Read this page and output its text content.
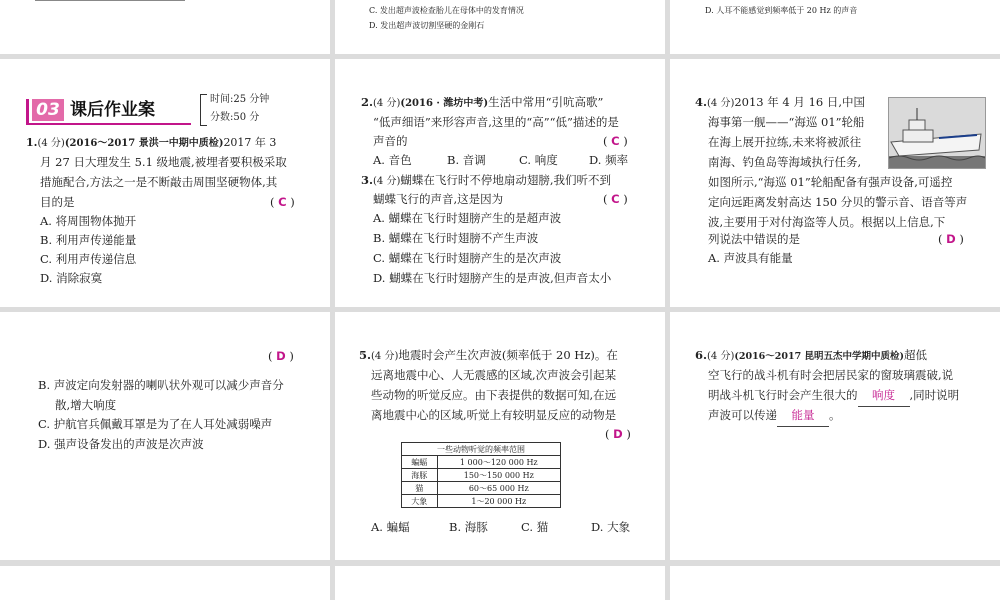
C. 发出超声波检查胎儿在母体中的发育情况
D. 发出超声波切割坚硬的金刚石
D. 人耳不能感觉到频率低于 20 Hz 的声音
03 课后作业案
时间:25 分钟
分数:50 分
1.(4 分)(2016～2017 景洪一中期中质检)2017 年 3
月 27 日大理发生 5.1 级地震,被埋者要积极采取
措施配合,方法之一是不断敲击周围坚硬物体,其
目的是	( C )
A. 将周围物体抛开
B. 利用声传递能量
C. 利用声传递信息
D. 消除寂寞
2.(4 分)(2016 · 潍坊中考)生活中常用“引吭高歌”
“低声细语”来形容声音,这里的“高”“低”描述的是
声音的	( C )
A. 音色	B. 音调	C. 响度	D. 频率
3.(4 分)蝴蝶在飞行时不停地扇动翅膀,我们听不到
蝴蝶飞行的声音,这是因为	( C )
A. 蝴蝶在飞行时翅膀产生的是超声波
B. 蝴蝶在飞行时翅膀不产生声波
C. 蝴蝶在飞行时翅膀产生的是次声波
D. 蝴蝶在飞行时翅膀产生的是声波,但声音太小
4.(4 分)2013 年 4 月 16 日,中国
海事第一舰——“海巡 01”轮船
在海上展开拉练,未来将被派往
南海、钓鱼岛等海域执行任务,
如图所示,“海巡 01”轮船配备有强声设备,可遥控
定向远距离发射高达 150 分贝的警示音、语音等声
波,主要用于对付海盗等人员。根据以上信息,下
列说法中错误的是	( D )
A. 声波具有能量
( D )
B. 声波定向发射器的喇叭状外观可以减少声音分
散,增大响度
C. 护航官兵佩戴耳罩是为了在人耳处减弱噪声
D. 强声设备发出的声波是次声波
5.(4 分)地震时会产生次声波(频率低于 20 Hz)。在
远离地震中心、人无震感的区域,次声波会引起某
些动物的听觉反应。由下表提供的数据可知,在远
离地震中心的区域,听觉上有较明显反应的动物是
( D )
一些动物听觉的频率范围	
蝙蝠	1 000～120 000 Hz
海豚	150～150 000 Hz
猫	60～65 000 Hz
大象	1～20 000 Hz
A. 蝙蝠	B. 海豚	C. 猫	D. 大象
6.(4 分)(2016～2017 昆明五杰中学期中质检)超低
空飞行的战斗机有时会把居民家的窗玻璃震破,说
明战斗机飞行时会产生很大的 响度 ,同时说明
声波可以传递 能量 。
